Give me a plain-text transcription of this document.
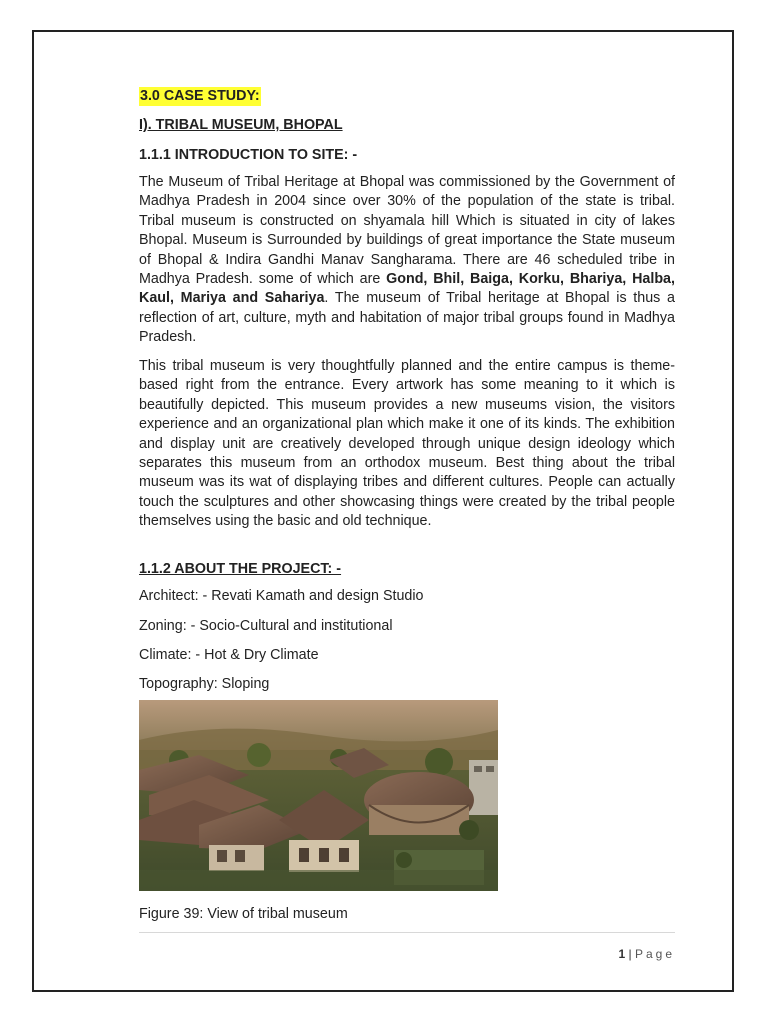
3.0 CASE STUDY:

I). TRIBAL MUSEUM, BHOPAL

1.1.1 INTRODUCTION TO SITE: -

The Museum of Tribal Heritage at Bhopal was commissioned by the Government of Madhya Pradesh in 2004 since over 30% of the population of the state is tribal. Tribal museum is constructed on shyamala hill Which is situated in city of lakes Bhopal. Museum is Surrounded by buildings of great importance the State museum of Bhopal & Indira Gandhi Manav Sangharama. There are 46 scheduled tribe in Madhya Pradesh. some of which are Gond, Bhil, Baiga, Korku, Bhariya, Halba, Kaul, Mariya and Sahariya. The museum of Tribal heritage at Bhopal is thus a reflection of art, culture, myth and habitation of major tribal groups found in Madhya Pradesh.

This tribal museum is very thoughtfully planned and the entire campus is theme-based right from the entrance. Every artwork has some meaning to it which is beautifully depicted. This museum provides a new museums vision, the visitors experience and an organizational plan which make it one of its kinds. The exhibition and display unit are creatively developed through unique design ideology which separates this museum from an orthodox museum. Best thing about the tribal museum was its wat of displaying tribes and different cultures. People can actually touch the sculptures and other showcasing things were created by the tribal people themselves using the basic and old technique.

1.1.2 ABOUT THE PROJECT: -

Architect: - Revati Kamath and design Studio

Zoning: - Socio-Cultural and institutional

Climate: - Hot & Dry Climate

Topography: Sloping

Figure 39: View of tribal museum

1 | Page
